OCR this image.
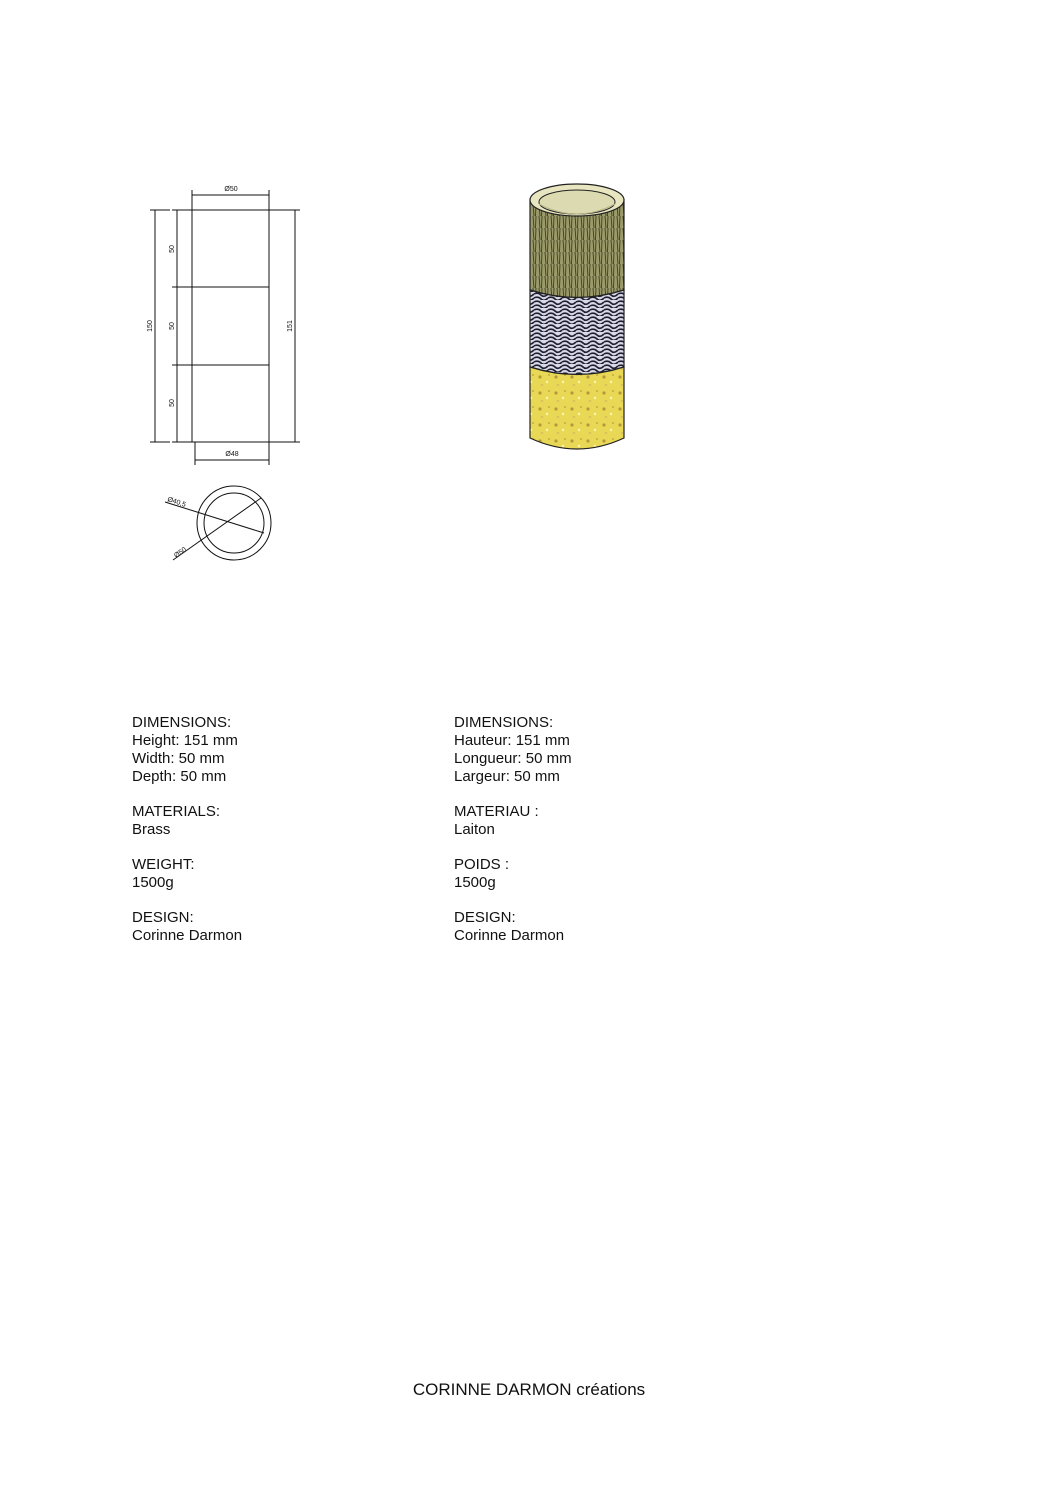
Ø50
Ø48
50
50
50
150	151
Ø40,5
Ø50
DIMENSIONS:
Height: 151 mm
Width: 50 mm
Depth: 50 mm
MATERIALS:
Brass
WEIGHT:
1500g
DESIGN:
Corinne Darmon
DIMENSIONS:
Hauteur: 151 mm
Longueur: 50 mm
Largeur: 50 mm
MATERIAU :
Laiton
POIDS :
1500g
DESIGN:
Corinne Darmon
CORINNE DARMON créations
